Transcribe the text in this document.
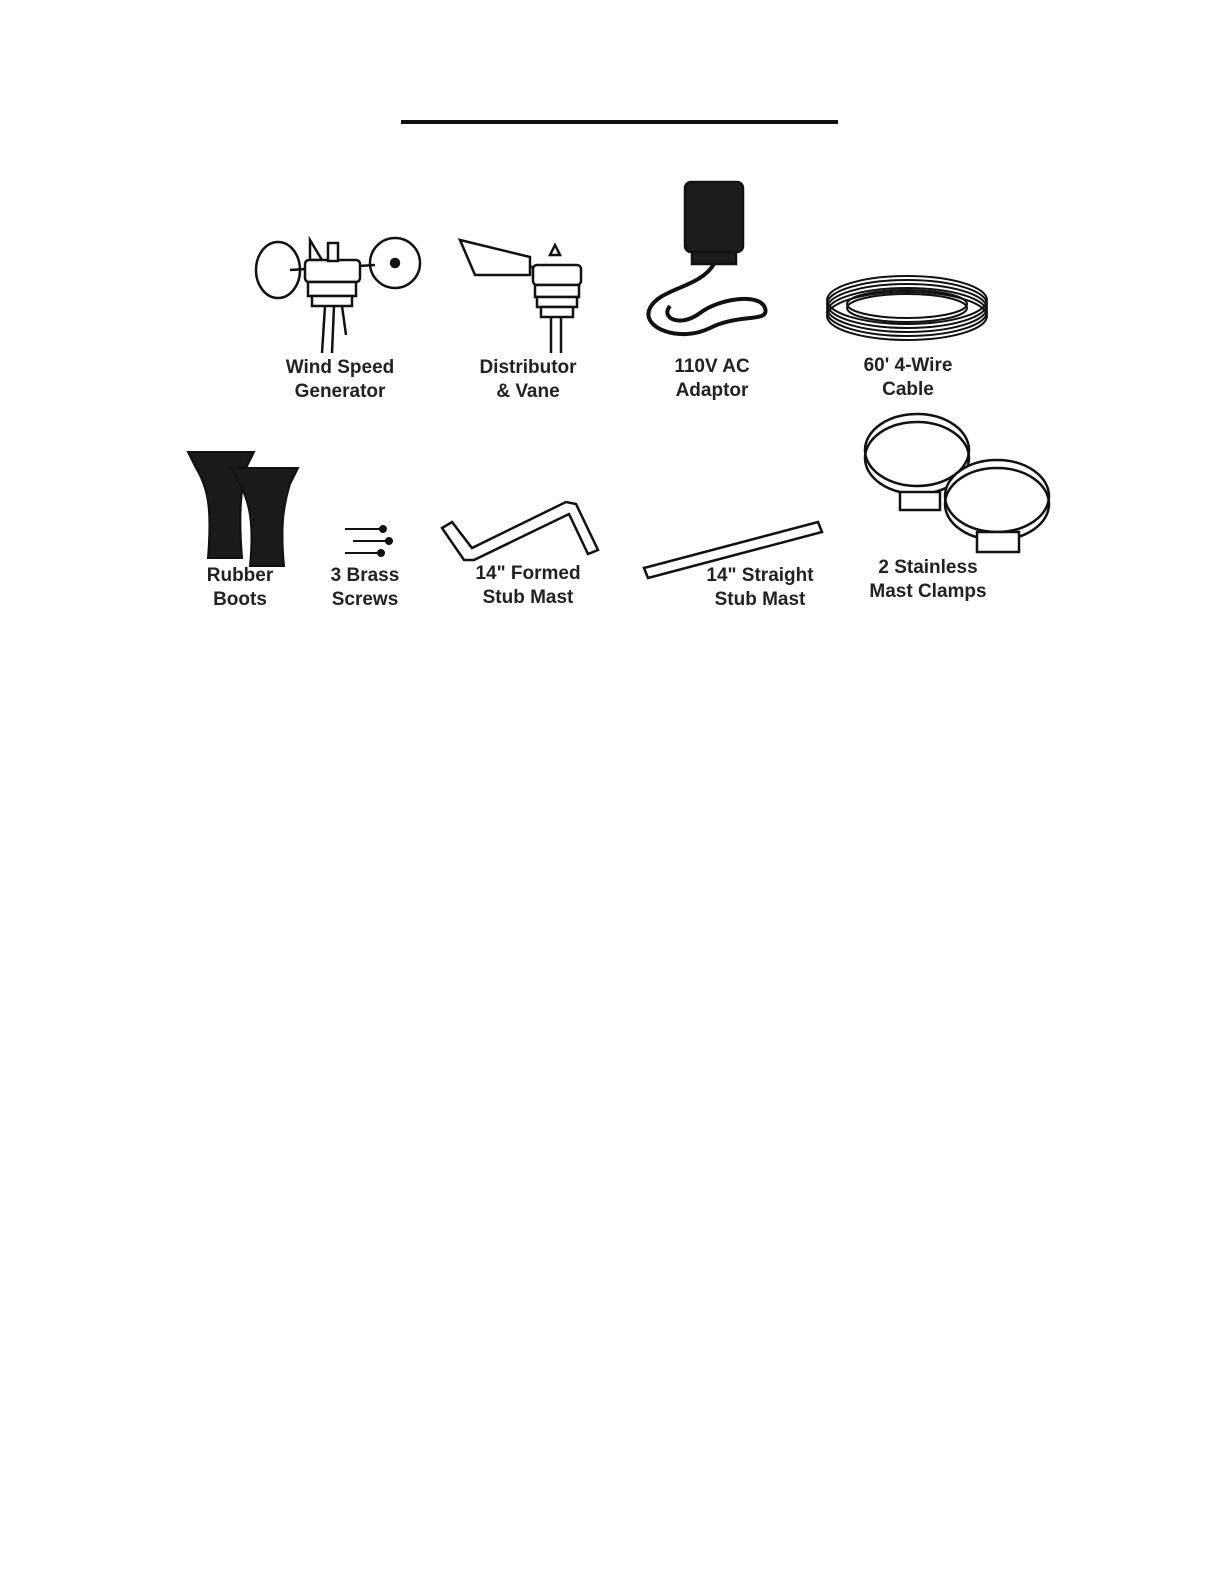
Wind Speed
Generator
Distributor
& Vane
110V AC
Adaptor
60' 4-Wire
Cable
Rubber
Boots
3 Brass
Screws
14" Formed
Stub Mast
14" Straight
Stub Mast
2 Stainless
Mast Clamps
